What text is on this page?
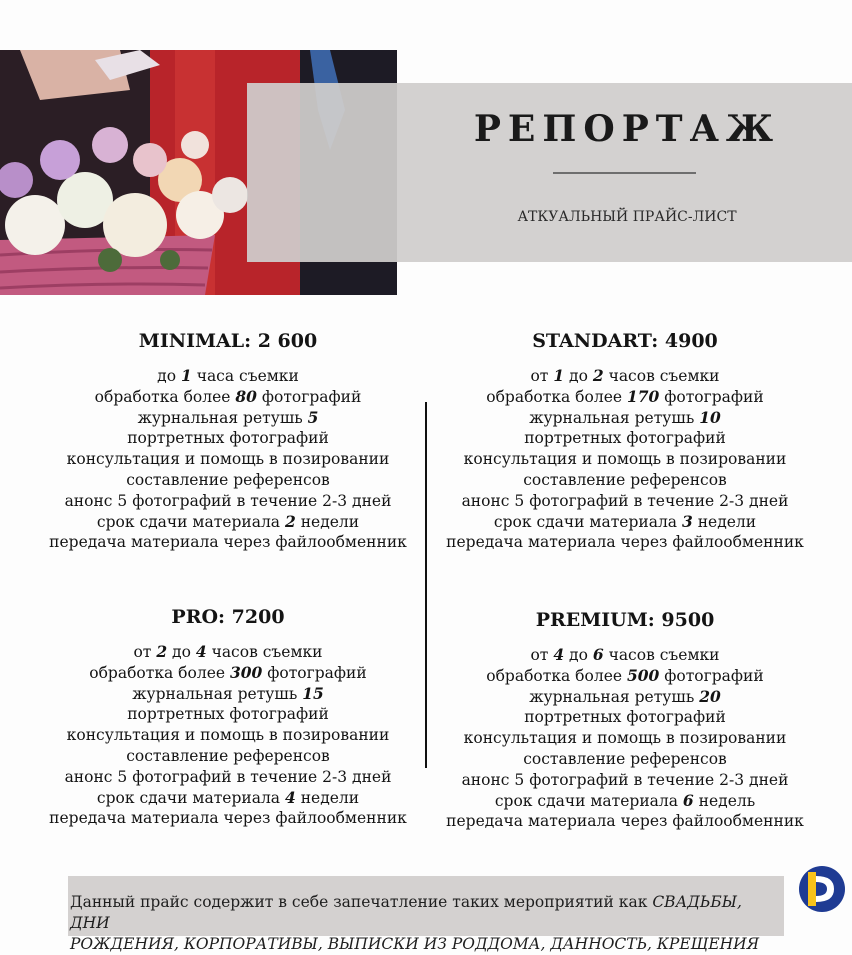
РЕПОРТАЖ
АТКУАЛЬНЫЙ ПРАЙС-ЛИСТ
MINIMAL: 2 600
до 1 часа съемки
обработка более 80 фотографий
журнальная ретушь 5 портретных фотографий
консультация и помощь в позировании
составление референсов
анонс 5 фотографий в течение 2-3 дней
срок сдачи материала 2 недели
передача материала через файлообменник
STANDART: 4900
от 1 до 2 часов съемки
обработка более 170 фотографий
журнальная ретушь 10 портретных фотографий
консультация и помощь в позировании
составление референсов
анонс 5 фотографий в течение 2-3 дней
срок сдачи материала 3 недели
передача материала через файлообменник
PRO: 7200
от 2 до 4 часов съемки
обработка более 300 фотографий
журнальная ретушь 15 портретных фотографий
консультация и помощь в позировании
составление референсов
анонс 5 фотографий в течение 2-3 дней
срок сдачи материала 4 недели
передача материала через файлообменник
PREMIUM: 9500
от 4 до 6 часов съемки
обработка более 500 фотографий
журнальная ретушь 20 портретных фотографий
консультация и помощь в позировании
составление референсов
анонс 5 фотографий в течение 2-3 дней
срок сдачи материала 6 недель
передача материала через файлообменник
Данный прайс содержит в себе запечатление таких мероприятий как СВАДЬБЫ, ДНИ
РОЖДЕНИЯ, КОРПОРАТИВЫ, ВЫПИСКИ ИЗ РОДДОМА, ДАННОСТЬ, КРЕЩЕНИЯ
